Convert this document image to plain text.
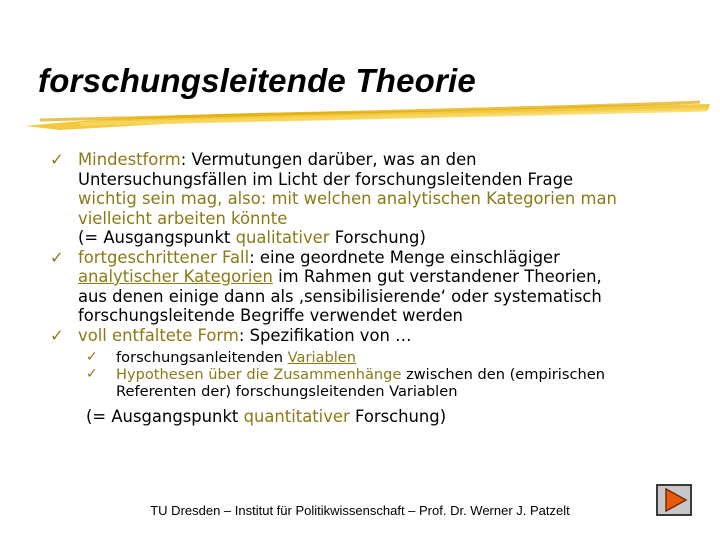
forschungsleitende Theorie
✓ Mindestform: Vermutungen darüber, was an den
Untersuchungsfällen im Licht der forschungsleitenden Frage
wichtig sein mag, also: mit welchen analytischen Kategorien man
vielleicht arbeiten könnte
(= Ausgangspunkt qualitativer Forschung)
✓ fortgeschrittener Fall: eine geordnete Menge einschlägiger
analytischer Kategorien im Rahmen gut verstandener Theorien,
aus denen einige dann als ‚sensibilisierende‘ oder systematisch
forschungsleitende Begriffe verwendet werden
✓ voll entfaltete Form: Spezifikation von …
✓ forschungsanleitenden Variablen
✓ Hypothesen über die Zusammenhänge zwischen den (empirischen
Referenten der) forschungsleitenden Variablen
(= Ausgangspunkt quantitativer Forschung)
TU Dresden – Institut für Politikwissenschaft – Prof. Dr. Werner J. Patzelt
